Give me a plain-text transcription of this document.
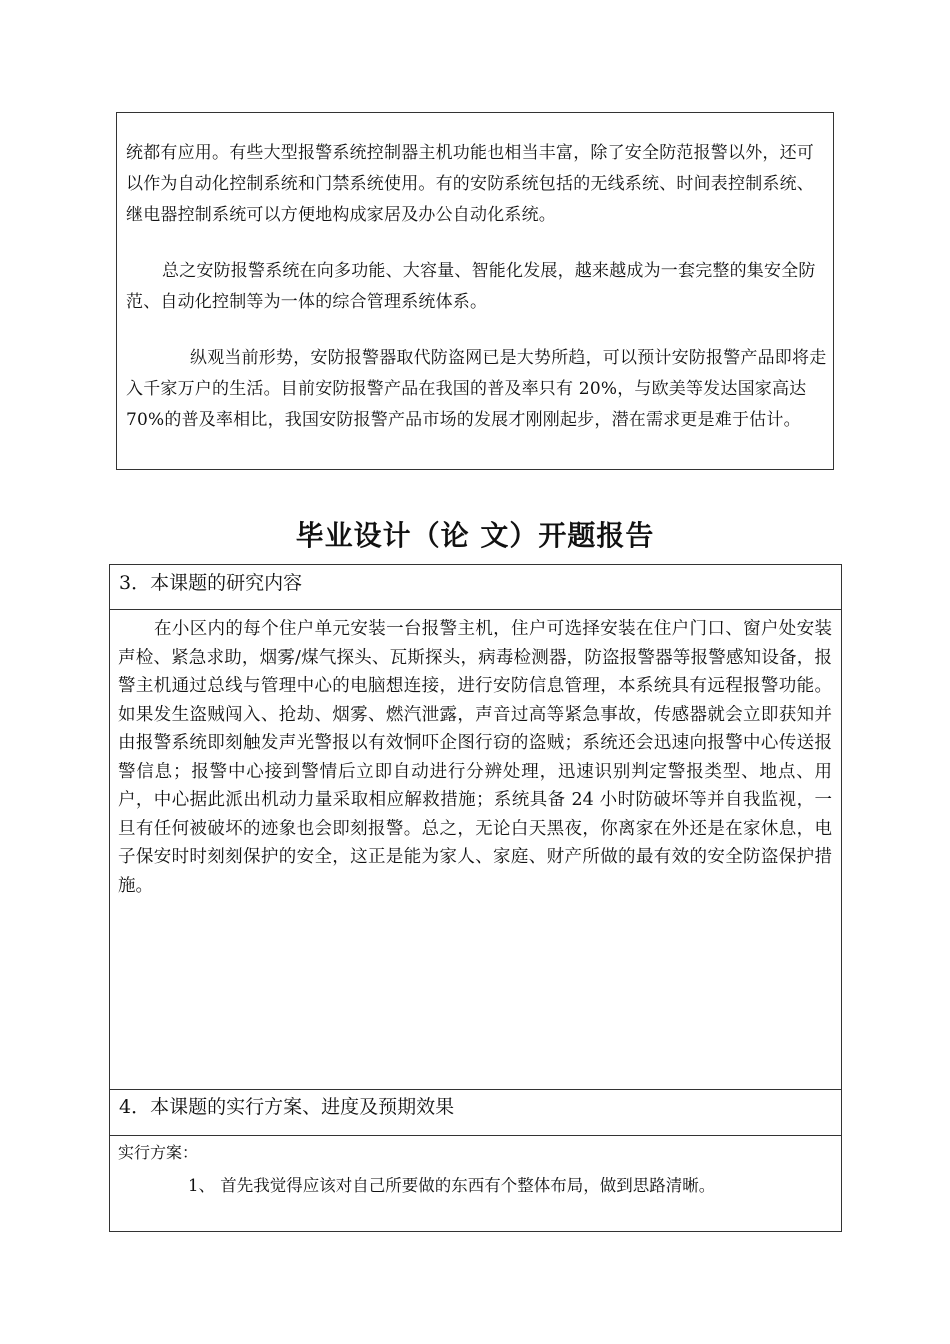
统都有应用。有些大型报警系统控制器主机功能也相当丰富，除了安全防范报警以外，还可以作为自动化控制系统和门禁系统使用。有的安防系统包括的无线系统、时间表控制系统、继电器控制系统可以方便地构成家居及办公自动化系统。

总之安防报警系统在向多功能、大容量、智能化发展，越来越成为一套完整的集安全防范、自动化控制等为一体的综合管理系统体系。

纵观当前形势，安防报警器取代防盗网已是大势所趋，可以预计安防报警产品即将走入千家万户的生活。目前安防报警产品在我国的普及率只有 20%，与欧美等发达国家高达 70%的普及率相比，我国安防报警产品市场的发展才刚刚起步，潜在需求更是难于估计。

毕业设计（论 文）开题报告

3．本课题的研究内容

在小区内的每个住户单元安装一台报警主机，住户可选择安装在住户门口、窗户处安装声检、紧急求助，烟雾/煤气探头、瓦斯探头，病毒检测器，防盗报警器等报警感知设备，报警主机通过总线与管理中心的电脑想连接，进行安防信息管理，本系统具有远程报警功能。如果发生盗贼闯入、抢劫、烟雾、燃汽泄露，声音过高等紧急事故，传感器就会立即获知并由报警系统即刻触发声光警报以有效恫吓企图行窃的盗贼；系统还会迅速向报警中心传送报警信息；报警中心接到警情后立即自动进行分辨处理，迅速识别判定警报类型、地点、用户，中心据此派出机动力量采取相应解救措施；系统具备 24 小时防破坏等并自我监视，一旦有任何被破坏的迹象也会即刻报警。总之，无论白天黑夜，你离家在外还是在家休息，电子保安时时刻刻保护的安全，这正是能为家人、家庭、财产所做的最有效的安全防盗保护措施。

4．本课题的实行方案、进度及预期效果

实行方案：

1、 首先我觉得应该对自己所要做的东西有个整体布局，做到思路清晰。
